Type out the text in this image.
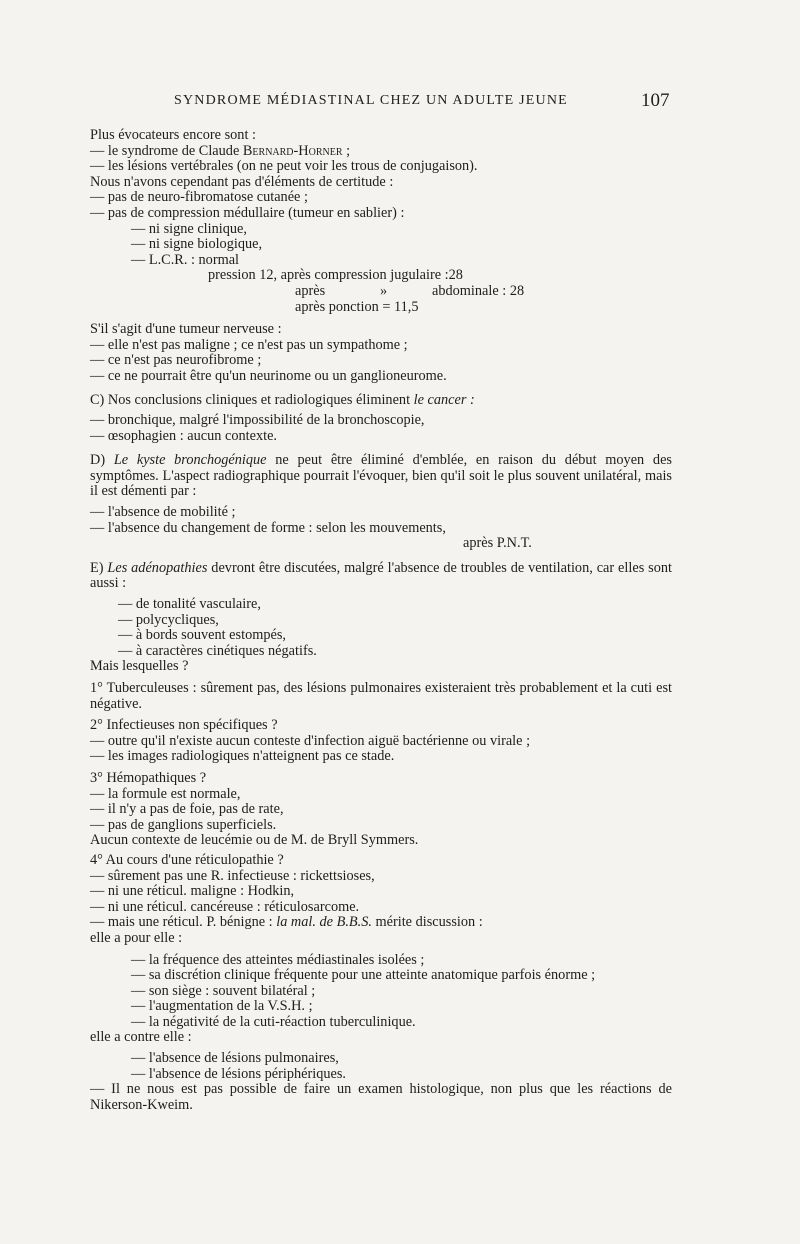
SYNDROME MÉDIASTINAL CHEZ UN ADULTE JEUNE	107

Plus évocateurs encore sont :

— le syndrome de Claude Bernard-Horner ;

— les lésions vertébrales (on ne peut voir les trous de conjugaison).

Nous n'avons cependant pas d'éléments de certitude :

— pas de neuro-fibromatose cutanée ;

— pas de compression médullaire (tumeur en sablier) :

— ni signe clinique,

— ni signe biologique,

— L.C.R. : normal

pression 12, après compression jugulaire :28

après	»	abdominale : 28

après ponction = 11,5

S'il s'agit d'une tumeur nerveuse :

— elle n'est pas maligne ; ce n'est pas un sympathome ;

— ce n'est pas neurofibrome ;

— ce ne pourrait être qu'un neurinome ou un ganglioneurome.

C) Nos conclusions cliniques et radiologiques éliminent le cancer :

— bronchique, malgré l'impossibilité de la bronchoscopie,

— œsophagien : aucun contexte.

D) Le kyste bronchogénique ne peut être éliminé d'emblée, en raison du début moyen des symptômes. L'aspect radiographique pourrait l'évoquer, bien qu'il soit le plus souvent unilatéral, mais il est démenti par :

— l'absence de mobilité ;

— l'absence du changement de forme : selon les mouvements,

après P.N.T.

E) Les adénopathies devront être discutées, malgré l'absence de troubles de ventilation, car elles sont aussi :

— de tonalité vasculaire,

— polycycliques,

— à bords souvent estompés,

— à caractères cinétiques négatifs.

Mais lesquelles ?

1° Tuberculeuses : sûrement pas, des lésions pulmonaires existeraient très probablement et la cuti est négative.

2° Infectieuses non spécifiques ?

— outre qu'il n'existe aucun conteste d'infection aiguë bactérienne ou virale ;

— les images radiologiques n'atteignent pas ce stade.

3° Hémopathiques ?

— la formule est normale,

— il n'y a pas de foie, pas de rate,

— pas de ganglions superficiels.

Aucun contexte de leucémie ou de M. de Bryll Symmers.

4° Au cours d'une réticulopathie ?

— sûrement pas une R. infectieuse : rickettsioses,

— ni une réticul. maligne : Hodkin,

— ni une réticul. cancéreuse : réticulosarcome.

— mais une réticul. P. bénigne : la mal. de B.B.S. mérite discussion :

elle a pour elle :

— la fréquence des atteintes médiastinales isolées ;

— sa discrétion clinique fréquente pour une atteinte anatomique parfois énorme ;

— son siège : souvent bilatéral ;

— l'augmentation de la V.S.H. ;

— la négativité de la cuti-réaction tuberculinique.

elle a contre elle :

— l'absence de lésions pulmonaires,

— l'absence de lésions périphériques.

— Il ne nous est pas possible de faire un examen histologique, non plus que les réactions de Nikerson-Kweim.
